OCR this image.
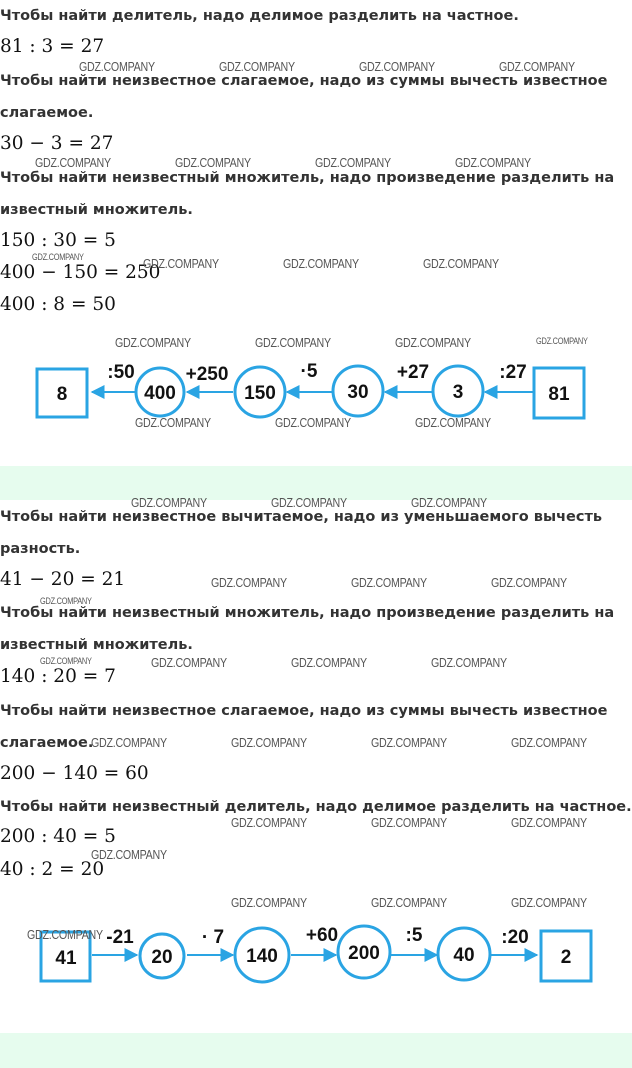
Чтобы найти делитель, надо делимое разделить на частное.
81 : 3 = 27
Чтобы найти неизвестное слагаемое, надо из суммы вычесть известное
слагаемое.
30 − 3 = 27
Чтобы найти неизвестный множитель, надо произведение разделить на
известный множитель.
150 : 30 = 5
400 − 150 = 250
400 : 8 = 50
8	400	150	30	3	81
:50	+250	·5	+27	:27
Чтобы найти неизвестное вычитаемое, надо из уменьшаемого вычесть
разность.
41 − 20 = 21
Чтобы найти неизвестный множитель, надо произведение разделить на
известный множитель.
140 : 20 = 7
Чтобы найти неизвестное слагаемое, надо из суммы вычесть известное
слагаемое.
200 − 140 = 60
Чтобы найти неизвестный делитель, надо делимое разделить на частное.
200 : 40 = 5
40 : 2 = 20
41	20	140	200	40	2
-21	· 7	+60	:5	:20
GDZ.COMPANY	GDZ.COMPANY	GDZ.COMPANY	GDZ.COMPANY
GDZ.COMPANY	GDZ.COMPANY	GDZ.COMPANY	GDZ.COMPANY
GDZ.COMPANY	GDZ.COMPANY	GDZ.COMPANY	GDZ.COMPANY
GDZ.COMPANY	GDZ.COMPANY	GDZ.COMPANY	GDZ.COMPANY
GDZ.COMPANY	GDZ.COMPANY	GDZ.COMPANY
GDZ.COMPANY	GDZ.COMPANY	GDZ.COMPANY
GDZ.COMPANY	GDZ.COMPANY	GDZ.COMPANY
GDZ.COMPANY
GDZ.COMPANY	GDZ.COMPANY	GDZ.COMPANY	GDZ.COMPANY
GDZ.COMPANY	GDZ.COMPANY	GDZ.COMPANY	GDZ.COMPANY
GDZ.COMPANY	GDZ.COMPANY	GDZ.COMPANY
GDZ.COMPANY
GDZ.COMPANY	GDZ.COMPANY	GDZ.COMPANY
GDZ.COMPANY
